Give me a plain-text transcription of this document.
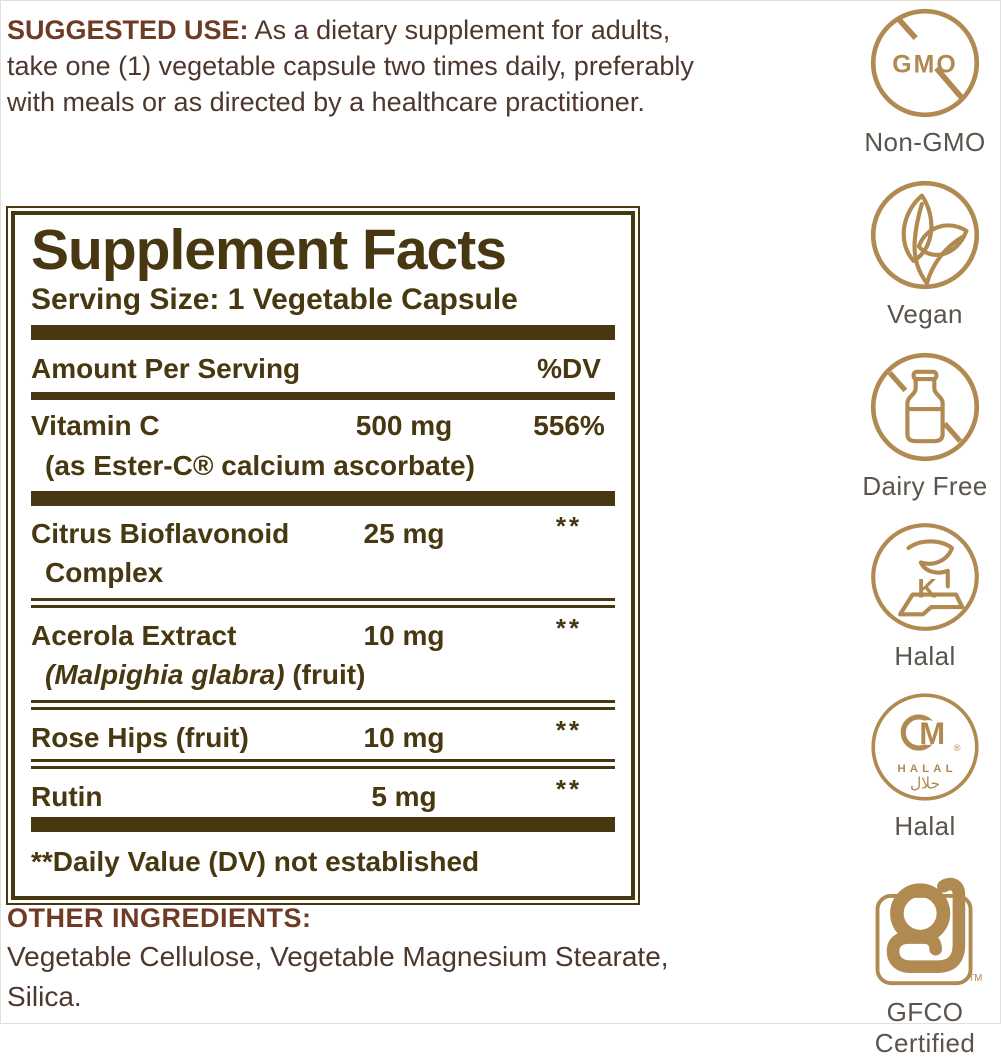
SUGGESTED USE: As a dietary supplement for adults, take one (1) vegetable capsule two times daily, preferably with meals or as directed by a healthcare practitioner.
Supplement Facts
Serving Size: 1 Vegetable Capsule
Amount Per Serving	%DV
Vitamin C	500 mg	556%
(as Ester-C® calcium ascorbate)
Citrus Bioflavonoid	25 mg	**
Complex
Acerola Extract	10 mg	**
(Malpighia glabra) (fruit)
Rose Hips (fruit)	10 mg	**
Rutin	5 mg	**
**Daily Value (DV) not established
OTHER INGREDIENTS:
Vegetable Cellulose, Vegetable Magnesium Stearate, Silica.
GMO
Non-GMO
Vegan
Dairy Free
K
Halal
M ®
HALAL
حلال
Halal
TM
GFCO Certified
